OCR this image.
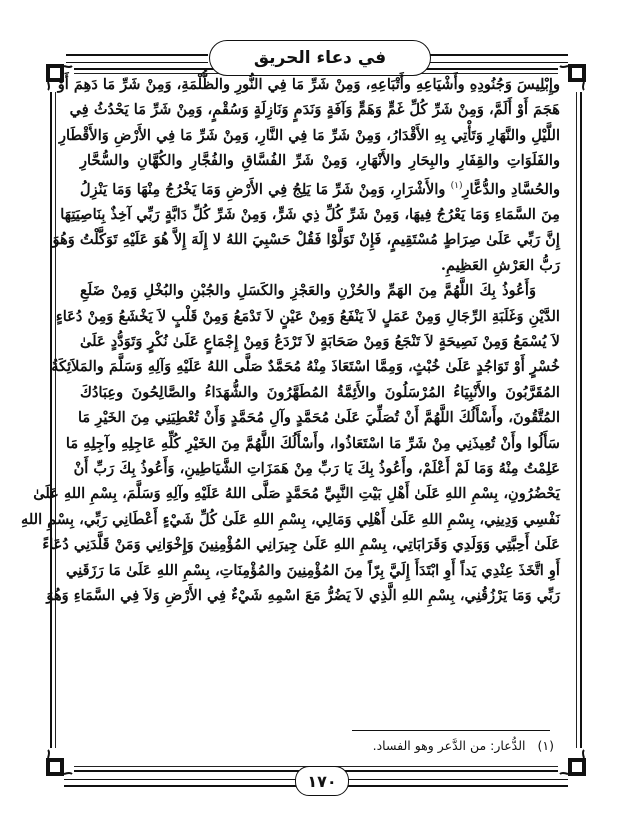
في دعاء الحريق
وإِبْلِيسَ وَجُنُودِهِ وأَشْيَاعِهِ وأَتْبَاعِهِ، وَمِنْ شَرِّ مَا فِي النُّورِ والظُّلْمَةِ، وَمِنْ شَرِّ مَا دَهِمَ أَوْ
هَجَمَ أَوْ أَلَمَّ، وَمِنْ شَرِّ كُلِّ غَمٍّ وَهَمٍّ وَآفَةٍ وَنَدَمٍ وَنَازِلَةٍ وَسُقْمٍ، وَمِنْ شَرِّ مَا يَحْدُثُ فِي
اللَّيْلِ والنَّهَارِ وَتَأْتِي بِهِ الأَقْدَارُ، وَمِنْ شَرِّ مَا فِي النَّارِ، وَمِنْ شَرِّ مَا فِي الأَرْضِ وَالأَقْطَارِ
والفَلَوَاتِ والقِفَارِ والبِحَارِ والأَنْهَارِ، وَمِنْ شَرِّ الفُسَّاقِ والفُجَّارِ والكُهَّانِ والسُّحَّارِ
والحُسَّادِ والدُّعَّارِ$^{(١)}$ والأَشْرَارِ، وَمِنْ شَرِّ مَا يَلِجُ فِي الأَرْضِ وَمَا يَخْرُجُ مِنْهَا وَمَا يَنْزِلُ
مِنَ السَّمَاءِ وَمَا يَعْرُجُ فِيهَا، وَمِنْ شَرِّ كُلِّ ذِي شَرٍّ، وَمِنْ شَرِّ كُلِّ دَابَّةٍ رَبِّي آخِذٌ بِنَاصِيَتِهَا
إِنَّ رَبِّي عَلَىٰ صِرَاطٍ مُسْتَقِيمٍ، فَإِنْ تَوَلَّوْا فَقُلْ حَسْبِيَ اللهُ لا إِلَهَ إِلاَّ هُوَ عَلَيْهِ تَوَكَّلْتُ وَهُوَ
رَبُّ العَرْشِ العَظِيمِ.
وَأَعُوذُ بِكَ اللَّهُمَّ مِنَ الهَمِّ والحُزْنِ والعَجْزِ والكَسَلِ والجُبْنِ والبُخْلِ وَمِنْ ضَلَعِ
الدَّيْنِ وَغَلَبَةِ الرِّجَالِ وَمِنْ عَمَلٍ لاَ يَنْفَعُ وَمِنْ عَيْنٍ لاَ تَدْمَعُ وَمِنْ قَلْبٍ لاَ يَخْشَعُ وَمِنْ دُعَاءٍ
لاَ يُسْمَعُ وَمِنْ نَصِيحَةٍ لاَ تَنْجَعُ وَمِنْ صَحَابَةٍ لاَ تَرْدَعُ وَمِنْ إِجْمَاعٍ عَلَىٰ نُكْرٍ وَتَوَدُّدٍ عَلَىٰ
خُسْرٍ أَوْ تَوَاجُدٍ عَلَىٰ خُبْثٍ، وَمِمَّا اسْتَعَاذَ مِنْهُ مُحَمَّدٌ صَلَّى اللهُ عَلَيْهِ وَآلِهِ وَسَلَّمَ والمَلاَئِكَةُ
المُقَرَّبُونَ والأَنْبِيَاءُ المُرْسَلُونَ والأَئِمَّةُ المُطَهَّرُونَ والشُّهَدَاءُ والصَّالِحُونَ وعِبَادُكَ
المُتَّقُونَ، وأَسْأَلُكَ اللَّهُمَّ أَنْ تُصَلِّيَ عَلَىٰ مُحَمَّدٍ وآلِ مُحَمَّدٍ وَأَنْ تُعْطِيَنِي مِنَ الخَيْرِ مَا
سَأَلُوا وأَنْ تُعِيذَنِي مِنْ شَرِّ مَا اسْتَعَاذُوا، وأَسْأَلُكَ اللَّهُمَّ مِنَ الخَيْرِ كُلِّهِ عَاجِلِهِ وآجِلِهِ مَا
عَلِمْتُ مِنْهُ وَمَا لَمْ أَعْلَمْ، وأَعُوذُ بِكَ يَا رَبِّ مِنْ هَمَزَاتِ الشَّيَاطِينِ، وَأَعُوذُ بِكَ رَبِّ أَنْ
يَحْضُرُونِ، بِسْمِ اللهِ عَلَىٰ أَهْلِ بَيْتِ النَّبِيِّ مُحَمَّدٍ صَلَّى اللهُ عَلَيْهِ وآلِهِ وَسَلَّمَ، بِسْمِ اللهِ عَلَىٰ
نَفْسِي وَدِينِي، بِسْمِ اللهِ عَلَىٰ أَهْلِي وَمَالِي، بِسْمِ اللهِ عَلَىٰ كُلِّ شَيْءٍ أَعْطَانِي رَبِّي، بِسْمِ اللهِ
عَلَىٰ أَحِبَّتِي وَوَلَدِي وَقَرَابَاتِي، بِسْمِ اللهِ عَلَىٰ جِيرَانِي المُؤْمِنِينَ وَإِخْوَانِي وَمَنْ قَلَّدَنِي دُعَاءً
أَوِ اتَّخَذَ عِنْدِي يَداً أَوِ ابْتَدَأَ إِلَيَّ بِرّاً مِنَ المُؤْمِنِينَ والمُؤْمِنَاتِ، بِسْمِ اللهِ عَلَىٰ مَا رَزَقَنِي
رَبِّي وَمَا يَرْزُقُنِي، بِسْمِ اللهِ الَّذِي لاَ يَضُرُّ مَعَ اسْمِهِ شَيْءٌ فِي الأَرْضِ وَلاَ فِي السَّمَاءِ وَهُوَ
(١)الدُّعار: من الدَّعر وهو الفساد.
١٧٠
